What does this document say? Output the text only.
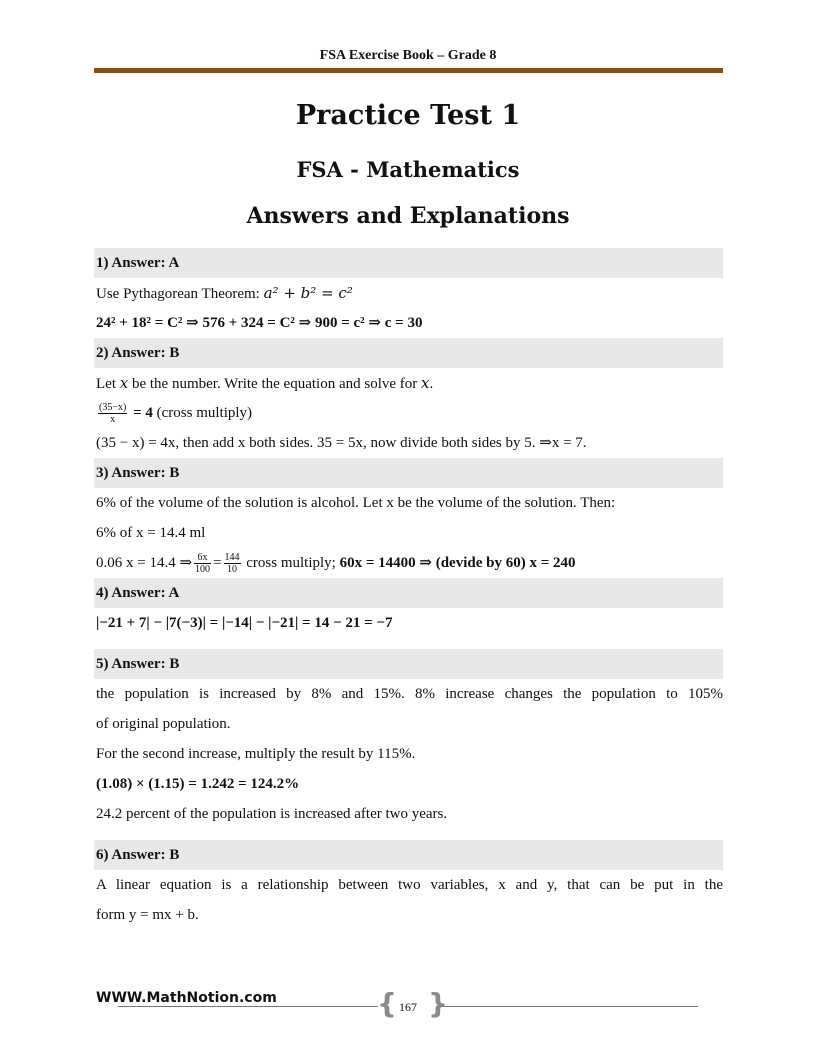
FSA Exercise Book – Grade 8
Practice Test 1
FSA - Mathematics
Answers and Explanations
1) Answer: A
Use Pythagorean Theorem: a² + b² = c²
24² + 18² = C² ⇒ 576 + 324 = C² ⇒ 900 = c² ⇒ c = 30
2) Answer: B
Let x be the number. Write the equation and solve for x.
$\frac{(35-x)}{x} = 4$ (cross multiply)
(35 − x) = 4x, then add x both sides. 35 = 5x, now divide both sides by 5. ⇒x = 7.
3) Answer: B
6% of the volume of the solution is alcohol. Let x be the volume of the solution. Then:
6% of x = 14.4 ml
0.06 x = 14.4 ⇒ $\frac{6x}{100} = \frac{144}{10}$ cross multiply; 60x = 14400 ⇒ (devide by 60) x = 240
4) Answer: A
|−21 + 7| − |7(−3)| = |−14| − |−21| = 14 − 21 = −7
5) Answer: B
the population is increased by 8% and 15%. 8% increase changes the population to 105%
of original population.
For the second increase, multiply the result by 115%.
(1.08) × (1.15) = 1.242 = 124.2%
24.2 percent of the population is increased after two years.
6) Answer: B
A linear equation is a relationship between two variables, x and y, that can be put in the
form y = mx + b.
WWW.MathNotion.com	{ }
167
